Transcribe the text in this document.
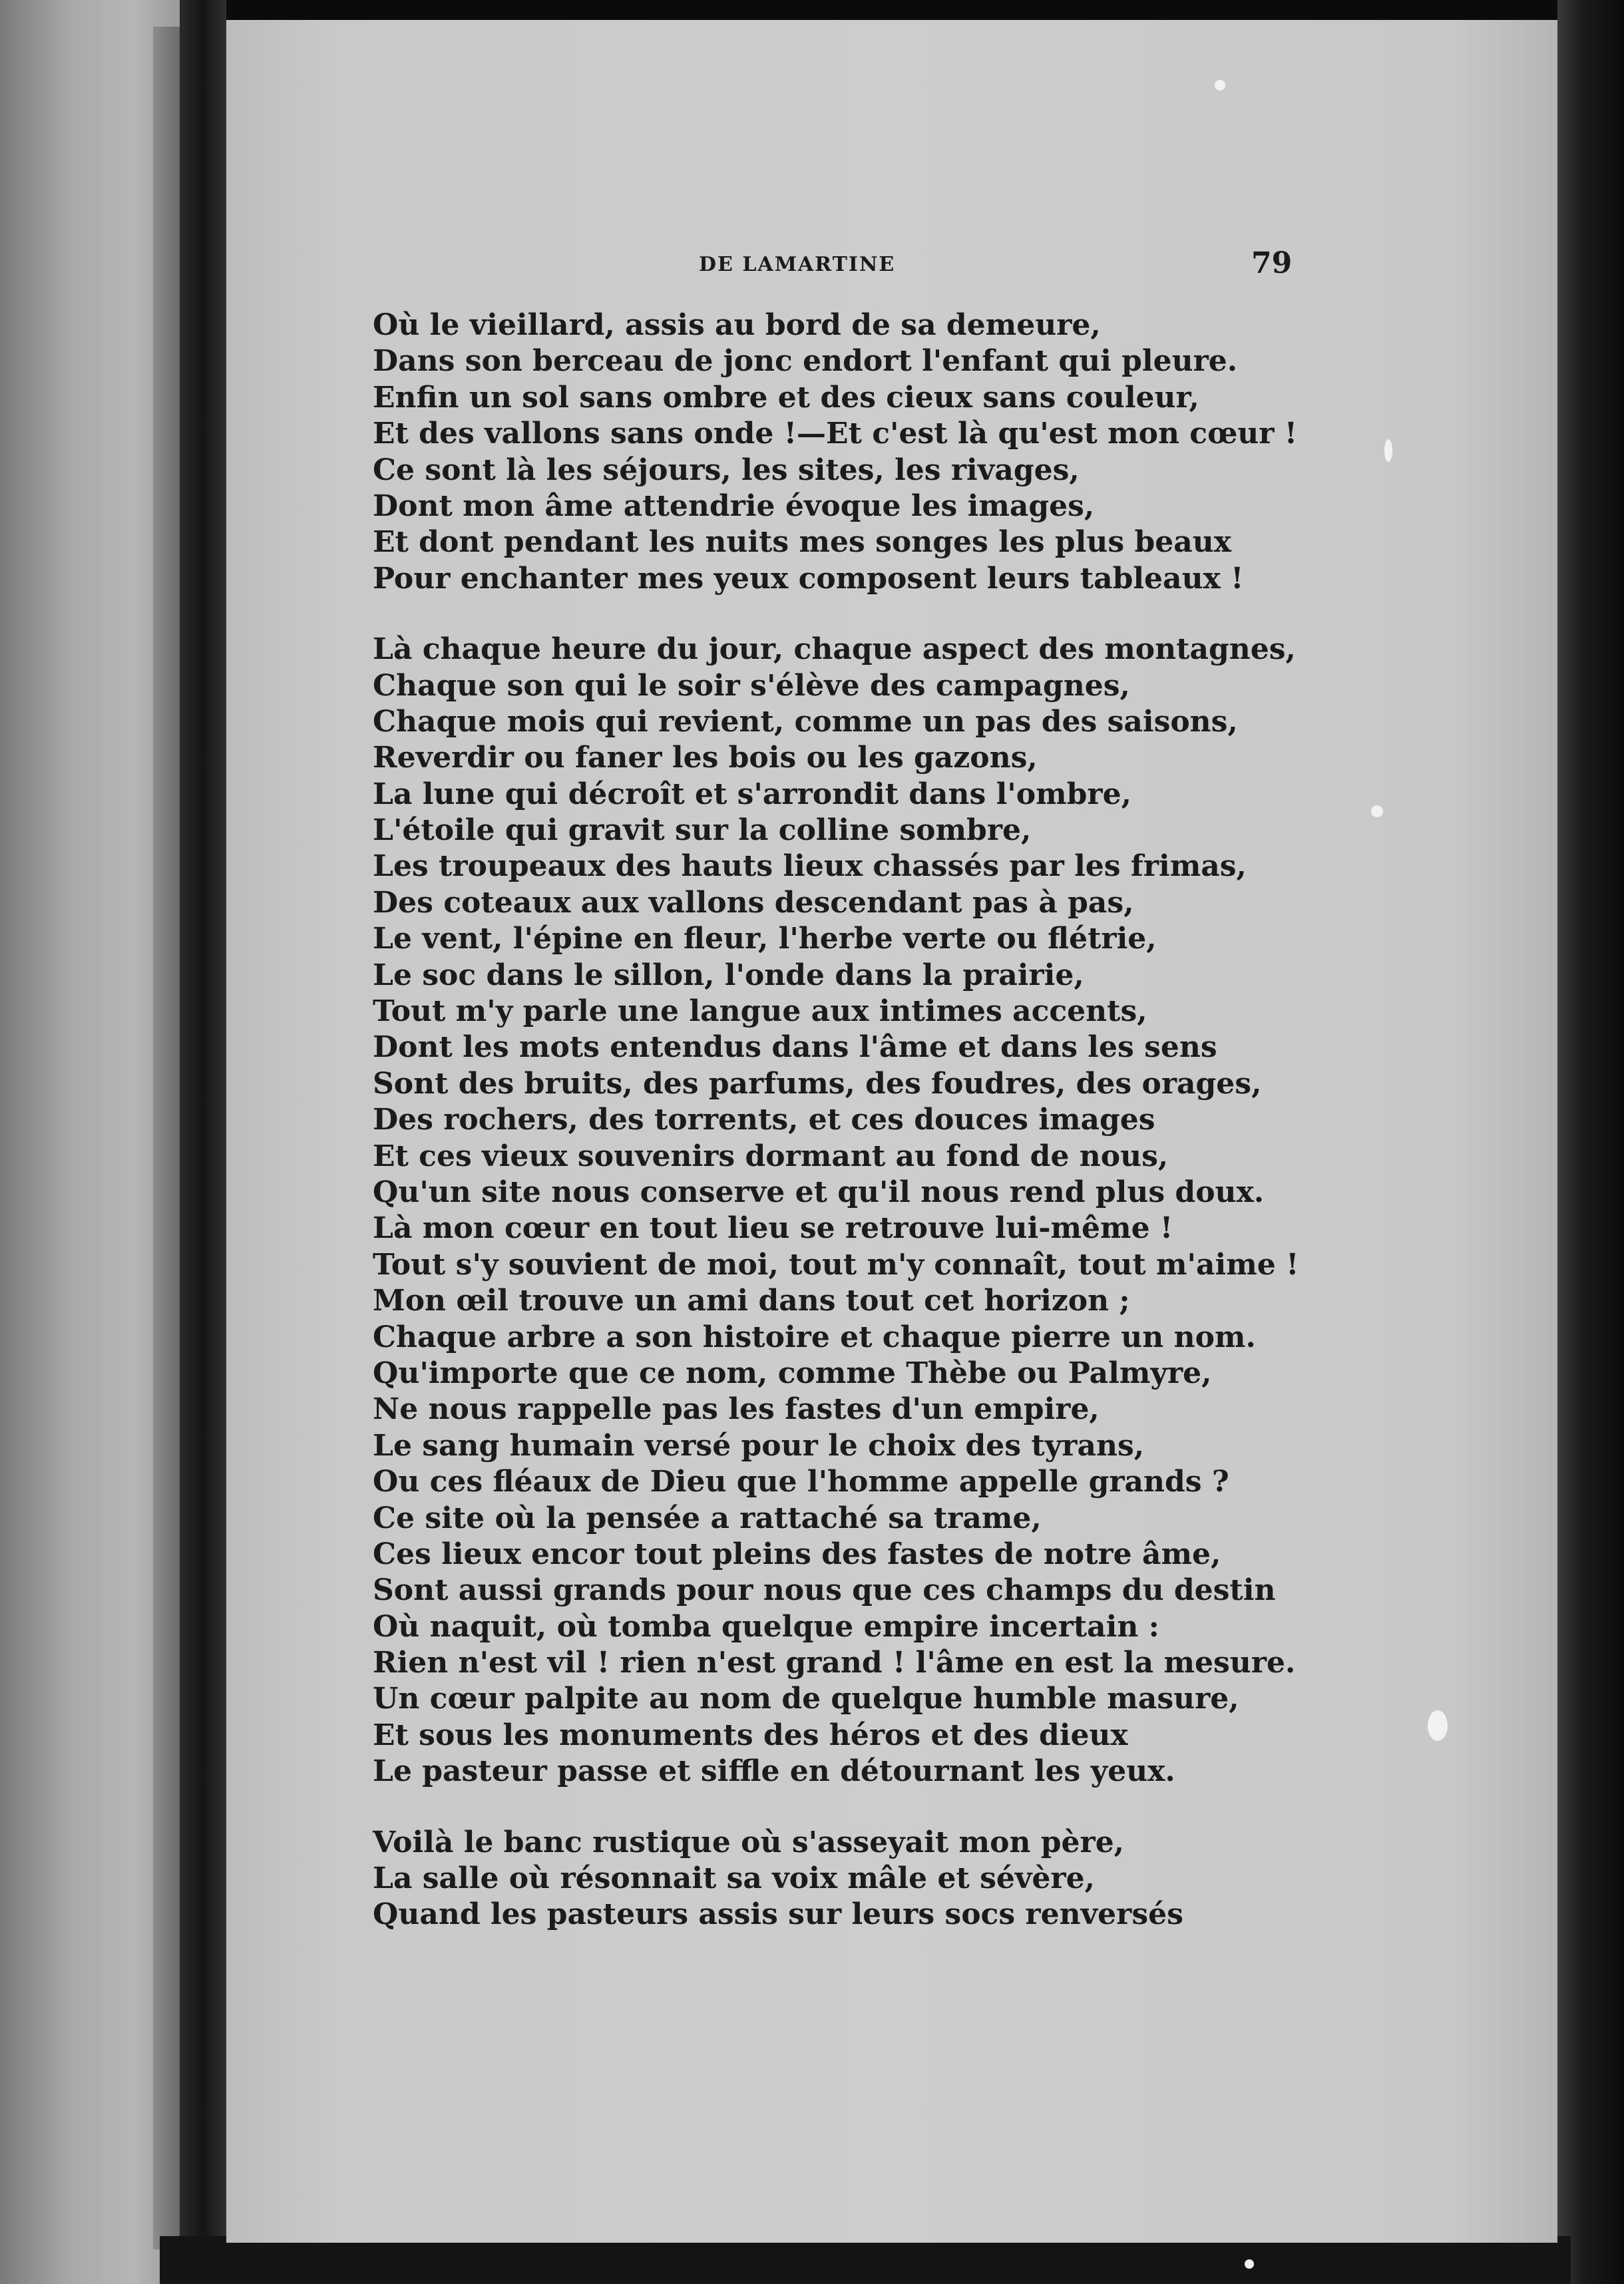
DE LAMARTINE	79
Où le vieillard, assis au bord de sa demeure,
Dans son berceau de jonc endort l'enfant qui pleure.
Enfin un sol sans ombre et des cieux sans couleur,
Et des vallons sans onde !—Et c'est là qu'est mon cœur !
Ce sont là les séjours, les sites, les rivages,
Dont mon âme attendrie évoque les images,
Et dont pendant les nuits mes songes les plus beaux
Pour enchanter mes yeux composent leurs tableaux !
Là chaque heure du jour, chaque aspect des montagnes,
Chaque son qui le soir s'élève des campagnes,
Chaque mois qui revient, comme un pas des saisons,
Reverdir ou faner les bois ou les gazons,
La lune qui décroît et s'arrondit dans l'ombre,
L'étoile qui gravit sur la colline sombre,
Les troupeaux des hauts lieux chassés par les frimas,
Des coteaux aux vallons descendant pas à pas,
Le vent, l'épine en fleur, l'herbe verte ou flétrie,
Le soc dans le sillon, l'onde dans la prairie,
Tout m'y parle une langue aux intimes accents,
Dont les mots entendus dans l'âme et dans les sens
Sont des bruits, des parfums, des foudres, des orages,
Des rochers, des torrents, et ces douces images
Et ces vieux souvenirs dormant au fond de nous,
Qu'un site nous conserve et qu'il nous rend plus doux.
Là mon cœur en tout lieu se retrouve lui-même !
Tout s'y souvient de moi, tout m'y connaît, tout m'aime !
Mon œil trouve un ami dans tout cet horizon ;
Chaque arbre a son histoire et chaque pierre un nom.
Qu'importe que ce nom, comme Thèbe ou Palmyre,
Ne nous rappelle pas les fastes d'un empire,
Le sang humain versé pour le choix des tyrans,
Ou ces fléaux de Dieu que l'homme appelle grands ?
Ce site où la pensée a rattaché sa trame,
Ces lieux encor tout pleins des fastes de notre âme,
Sont aussi grands pour nous que ces champs du destin
Où naquit, où tomba quelque empire incertain :
Rien n'est vil ! rien n'est grand ! l'âme en est la mesure.
Un cœur palpite au nom de quelque humble masure,
Et sous les monuments des héros et des dieux
Le pasteur passe et siffle en détournant les yeux.
Voilà le banc rustique où s'asseyait mon père,
La salle où résonnait sa voix mâle et sévère,
Quand les pasteurs assis sur leurs socs renversés
